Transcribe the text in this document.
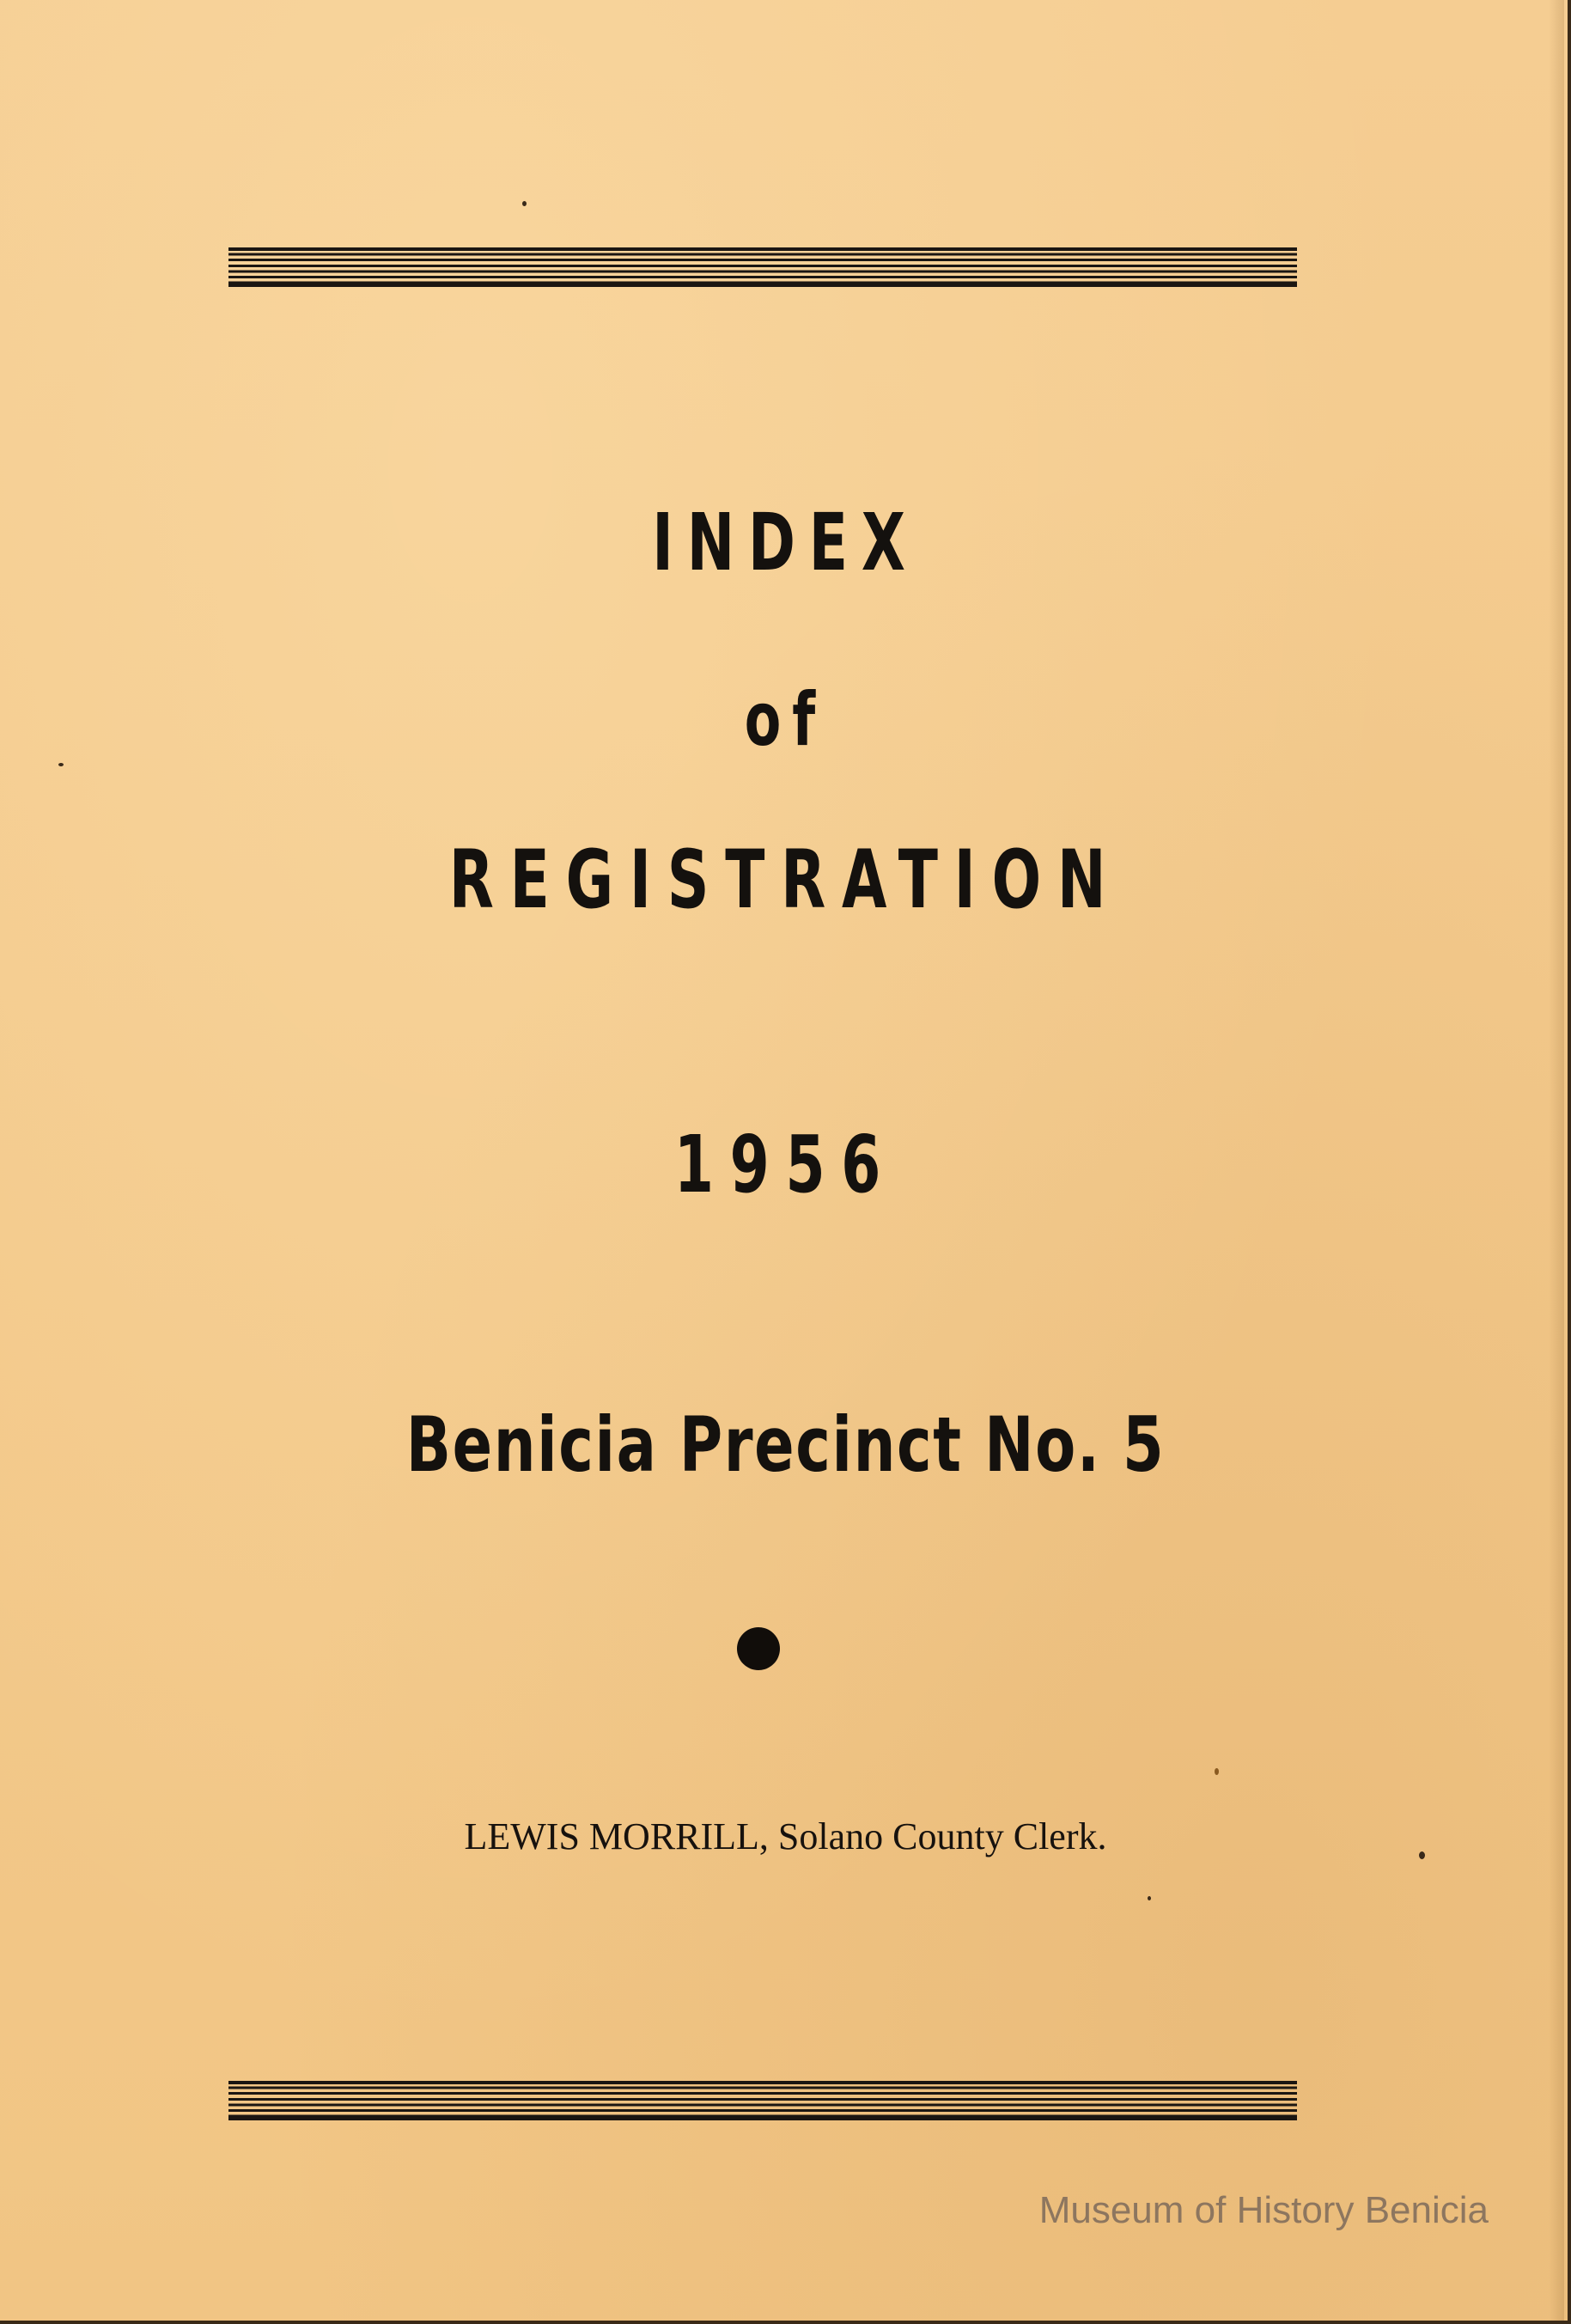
INDEX
of
REGISTRATION
1956
Benicia Precinct No. 5
LEWIS MORRILL, Solano County Clerk.
Museum of History Benicia
